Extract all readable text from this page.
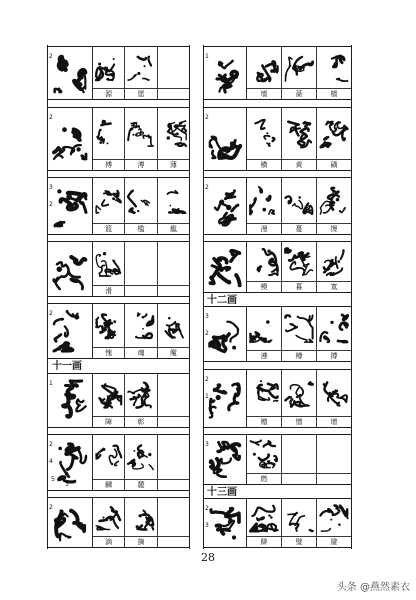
2
源	愿
2
傅	溥	薄
3
2
篮	槛	尴
滑
2
愧	魂	魔
十一画
1
障	彰
2
4
3
5
麟	麓
2
滴	摘
1
墙	蔷	樯
2
横	黄	磺
2
漫	蔓	馒
模	暮	寞
十二画
3
2
遵	樽	撙
2
1
赠	憎	增
3
燃
十三画
2
3
僻	璧	避
28
头条 @燕然素衣
